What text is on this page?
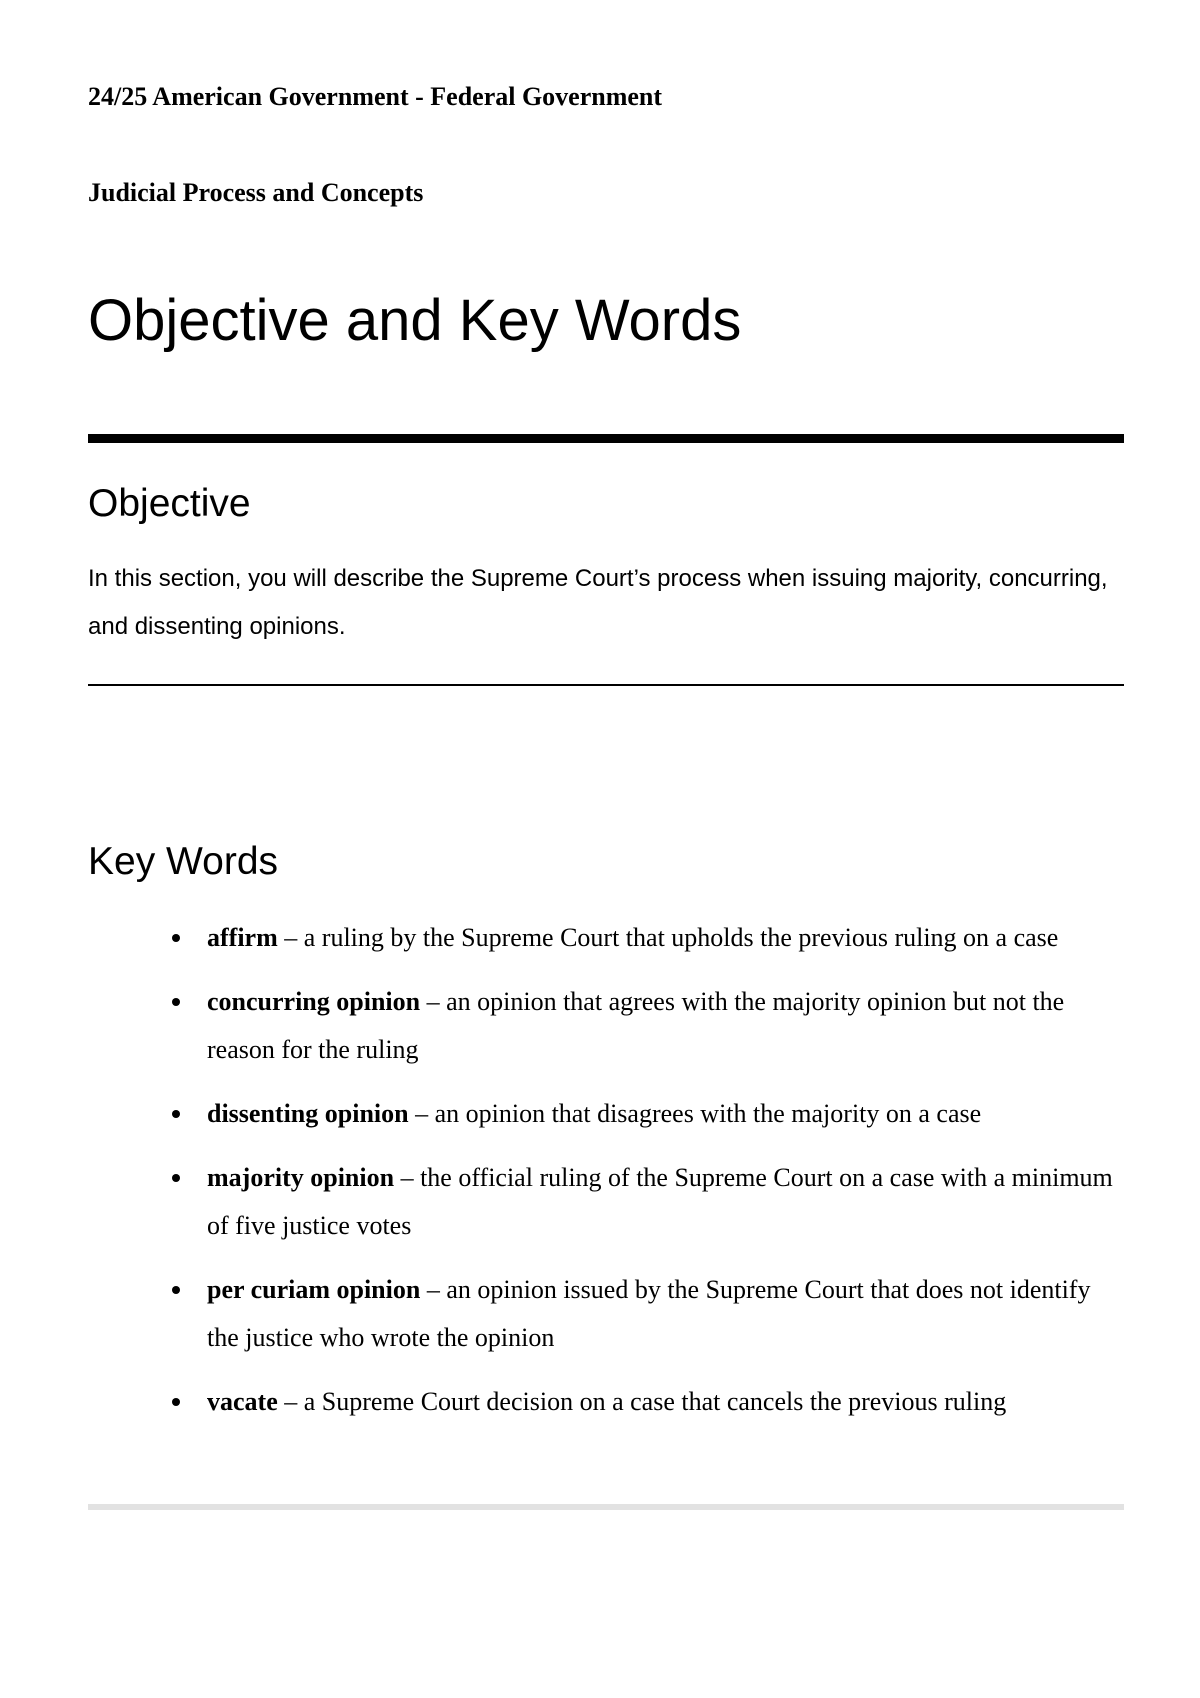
24/25 American Government - Federal Government
Judicial Process and Concepts
Objective and Key Words
Objective

In this section, you will describe the Supreme Court’s process when issuing majority, concurring, and dissenting opinions.

Key Words
affirm – a ruling by the Supreme Court that upholds the previous ruling on a case
concurring opinion – an opinion that agrees with the majority opinion but not the reason for the ruling
dissenting opinion – an opinion that disagrees with the majority on a case
majority opinion – the official ruling of the Supreme Court on a case with a minimum of five justice votes
per curiam opinion – an opinion issued by the Supreme Court that does not identify the justice who wrote the opinion
vacate – a Supreme Court decision on a case that cancels the previous ruling
